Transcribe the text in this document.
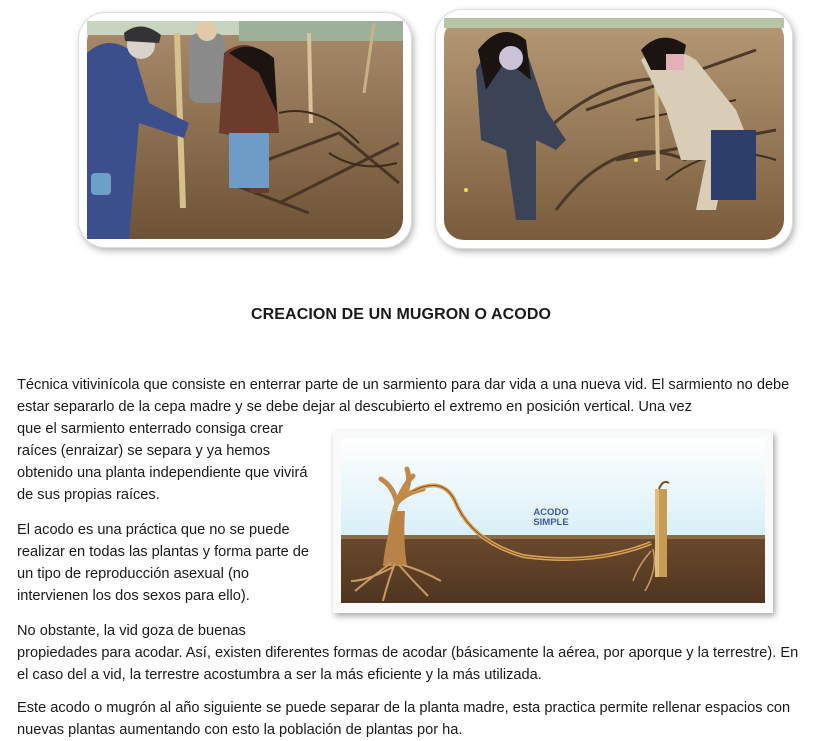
CREACION DE UN MUGRON O ACODO

Técnica vitivinícola que consiste en enterrar parte de un sarmiento para dar vida a una nueva vid. El sarmiento no debe estar separarlo de la cepa madre y se debe dejar al descubierto el extremo en posición vertical. Una vez

que el sarmiento enterrado consiga crear raíces (enraizar) se separa y ya hemos obtenido una planta independiente que vivirá de sus propias raíces.

El acodo es una práctica que no se puede realizar en todas las plantas y forma parte de un tipo de reproducción asexual (no intervienen los dos sexos para ello).

No obstante, la vid goza de buenas

propiedades para acodar. Así, existen diferentes formas de acodar (básicamente la aérea, por aporque y la terrestre). En el caso del a vid, la terrestre acostumbra a ser la más eficiente y la más utilizada.

Este acodo o mugrón al año siguiente se puede separar de la planta madre, esta practica permite rellenar espacios con nuevas plantas aumentando con esto la población de plantas por ha.

ACODO
SIMPLE
